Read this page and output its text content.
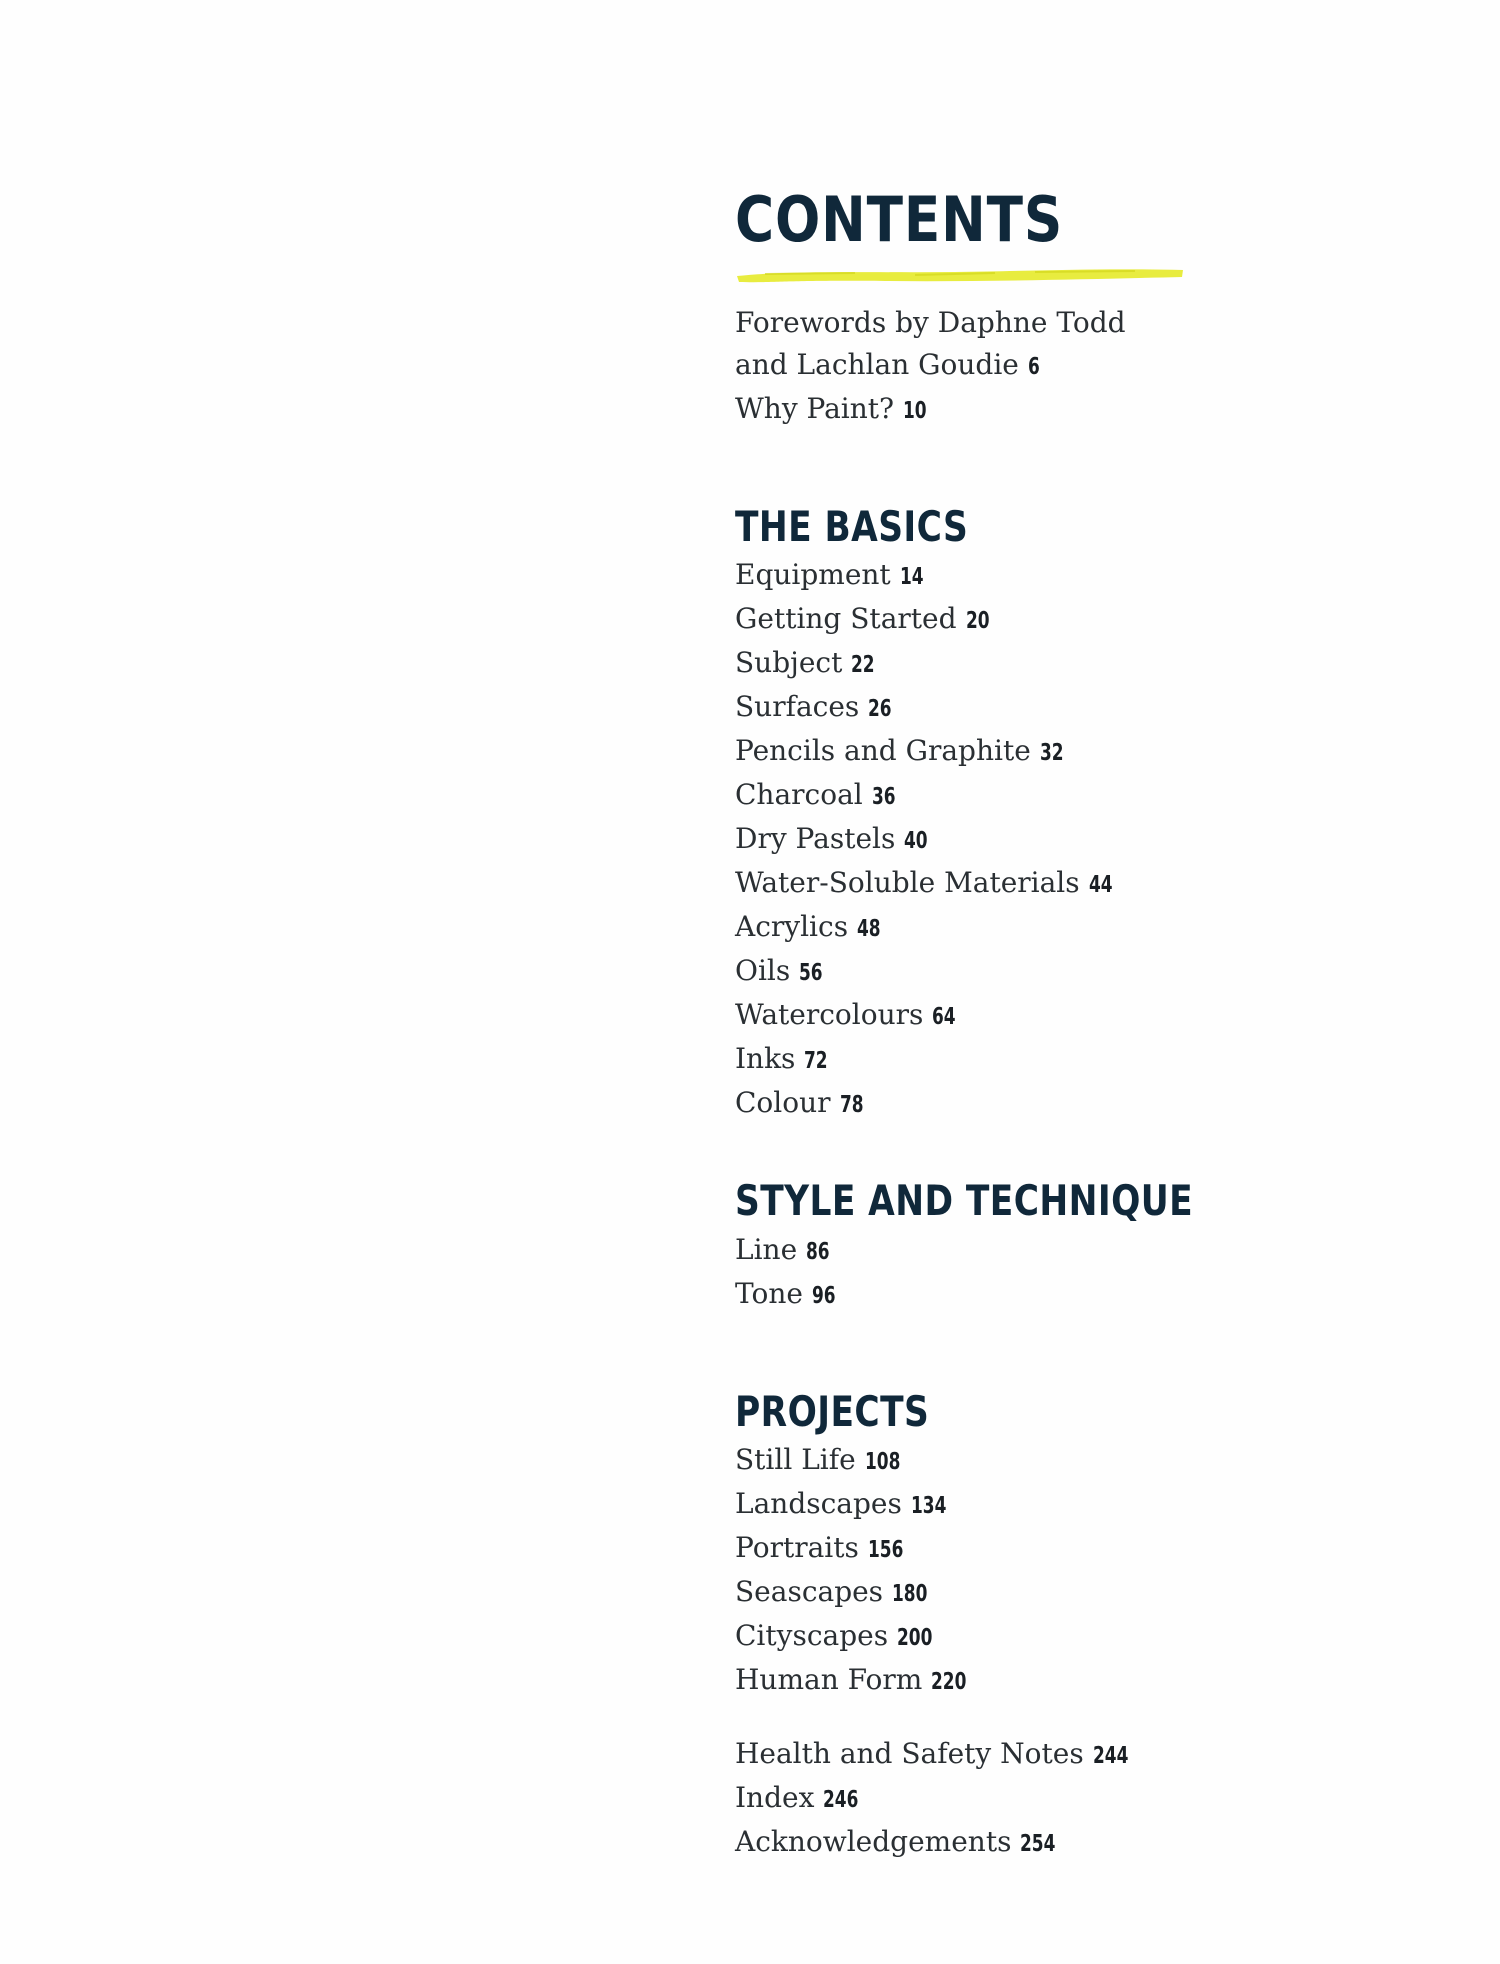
CONTENTS
Forewords by Daphne Todd
and Lachlan Goudie 6
Why Paint? 10
THE BASICS
Equipment 14
Getting Started 20
Subject 22
Surfaces 26
Pencils and Graphite 32
Charcoal 36
Dry Pastels 40
Water-Soluble Materials 44
Acrylics 48
Oils 56
Watercolours 64
Inks 72
Colour 78
STYLE AND TECHNIQUE
Line 86
Tone 96
PROJECTS
Still Life 108
Landscapes 134
Portraits 156
Seascapes 180
Cityscapes 200
Human Form 220
Health and Safety Notes 244
Index 246
Acknowledgements 254
